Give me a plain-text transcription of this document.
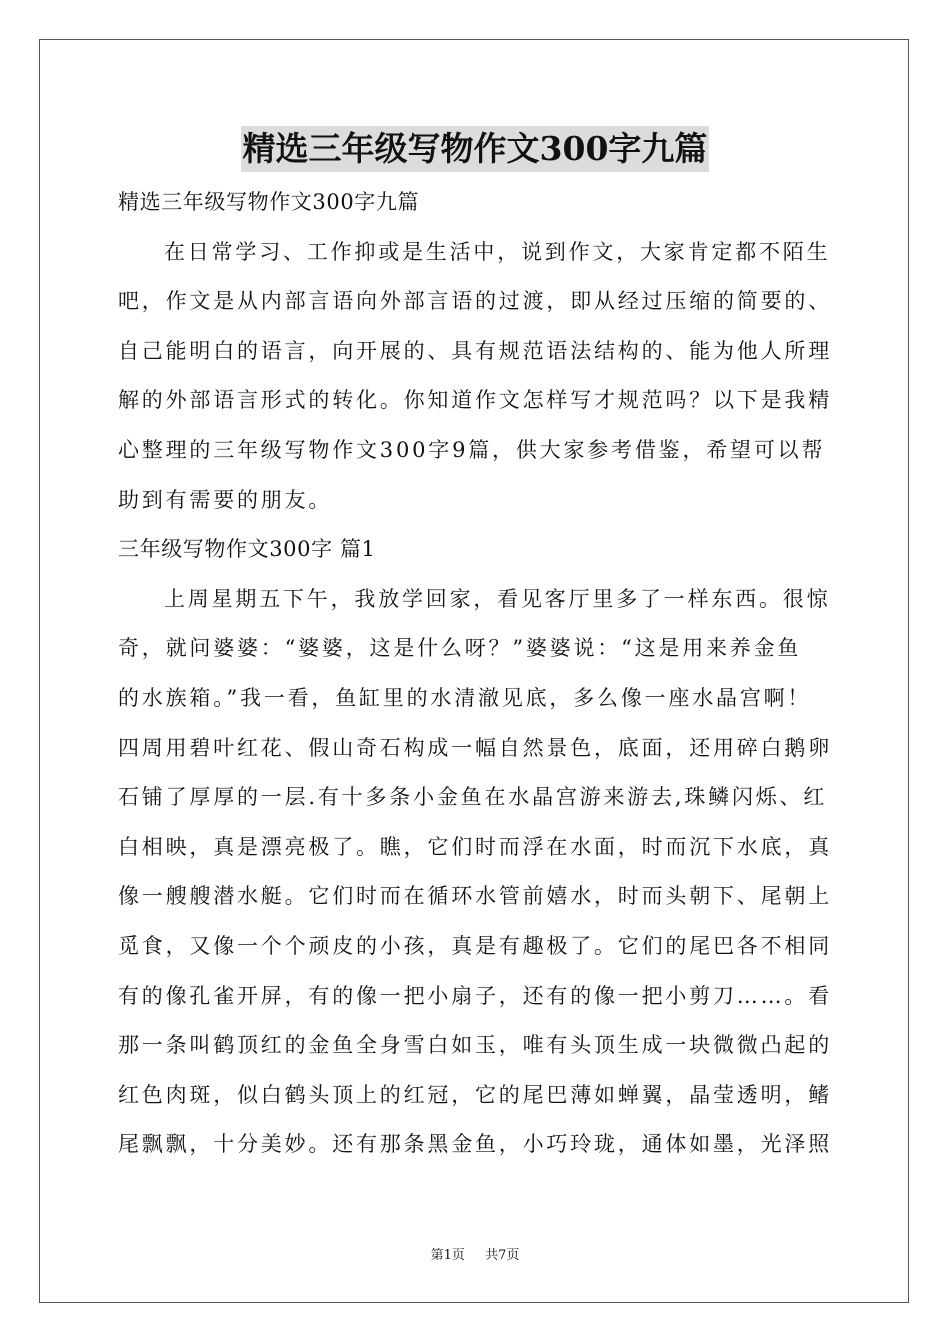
精选三年级写物作文300字九篇
精选三年级写物作文300字九篇
在日常学习、工作抑或是生活中，说到作文，大家肯定都不陌生
吧，作文是从内部言语向外部言语的过渡，即从经过压缩的简要的、
自己能明白的语言，向开展的、具有规范语法结构的、能为他人所理
解的外部语言形式的转化。你知道作文怎样写才规范吗？以下是我精
心整理的三年级写物作文300字9篇，供大家参考借鉴，希望可以帮
助到有需要的朋友。
三年级写物作文300字 篇1
上周星期五下午，我放学回家，看见客厅里多了一样东西。很惊
奇，就问婆婆：“婆婆，这是什么呀？”婆婆说：“这是用来养金鱼
的水族箱。”我一看，鱼缸里的水清澈见底，多么像一座水晶宫啊！
四周用碧叶红花、假山奇石构成一幅自然景色，底面，还用碎白鹅卵
石铺了厚厚的一层.有十多条小金鱼在水晶宫游来游去,珠鳞闪烁、红
白相映，真是漂亮极了。瞧，它们时而浮在水面，时而沉下水底，真
像一艘艘潜水艇。它们时而在循环水管前嬉水，时而头朝下、尾朝上
觅食，又像一个个顽皮的小孩，真是有趣极了。它们的尾巴各不相同
有的像孔雀开屏，有的像一把小扇子，还有的像一把小剪刀……。看
那一条叫鹤顶红的金鱼全身雪白如玉，唯有头顶生成一块微微凸起的
红色肉斑，似白鹤头顶上的红冠，它的尾巴薄如蝉翼，晶莹透明，鳍
尾飘飘，十分美妙。还有那条黑金鱼，小巧玲珑，通体如墨，光泽照
第1页 共7页
